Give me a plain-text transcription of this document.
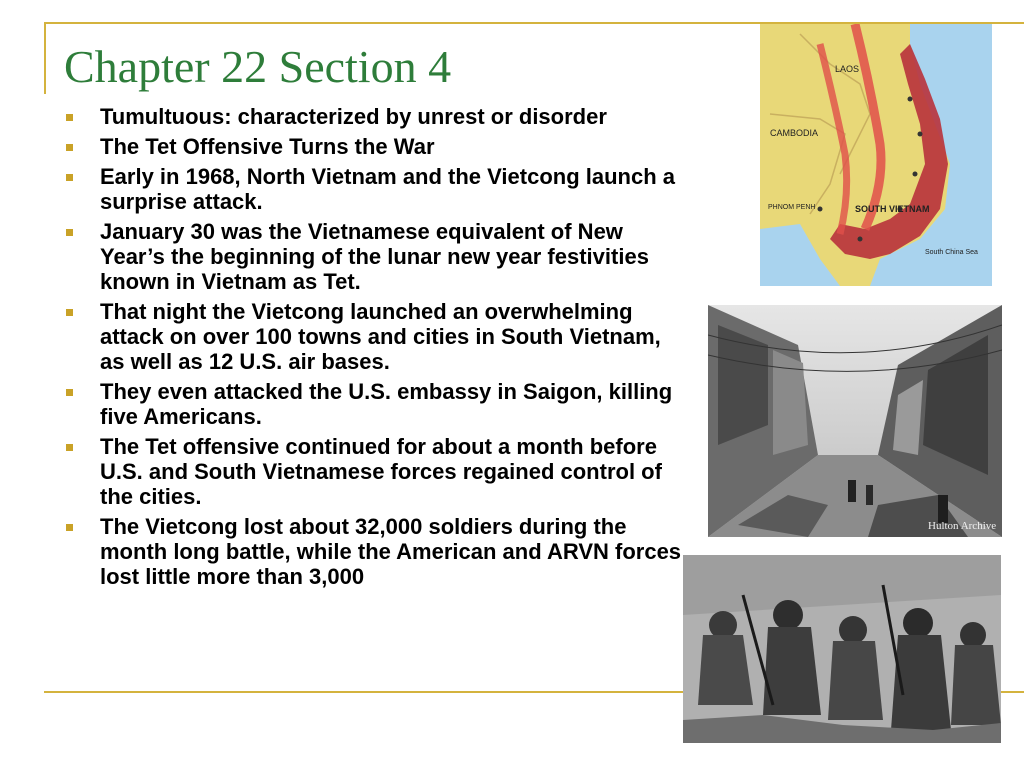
Chapter 22 Section 4
Tumultuous: characterized by unrest or disorder
The Tet Offensive Turns the War
Early in 1968, North Vietnam and the Vietcong launch a surprise attack.
January 30 was the Vietnamese equivalent of New Year’s the beginning of the lunar new year festivities known in Vietnam as Tet.
That night the Vietcong launched an overwhelming attack on over 100 towns and cities in South Vietnam, as well as 12 U.S. air bases.
They even attacked the U.S. embassy in Saigon, killing five Americans.
The Tet offensive continued for about a month before U.S. and South Vietnamese forces regained control of the cities.
The Vietcong lost about 32,000 soldiers during the month long battle, while the American and ARVN forces lost little more than 3,000
LAOS
CAMBODIA
PHNOM PENH	SOUTH VIETNAM
South China Sea
Hulton Archive
